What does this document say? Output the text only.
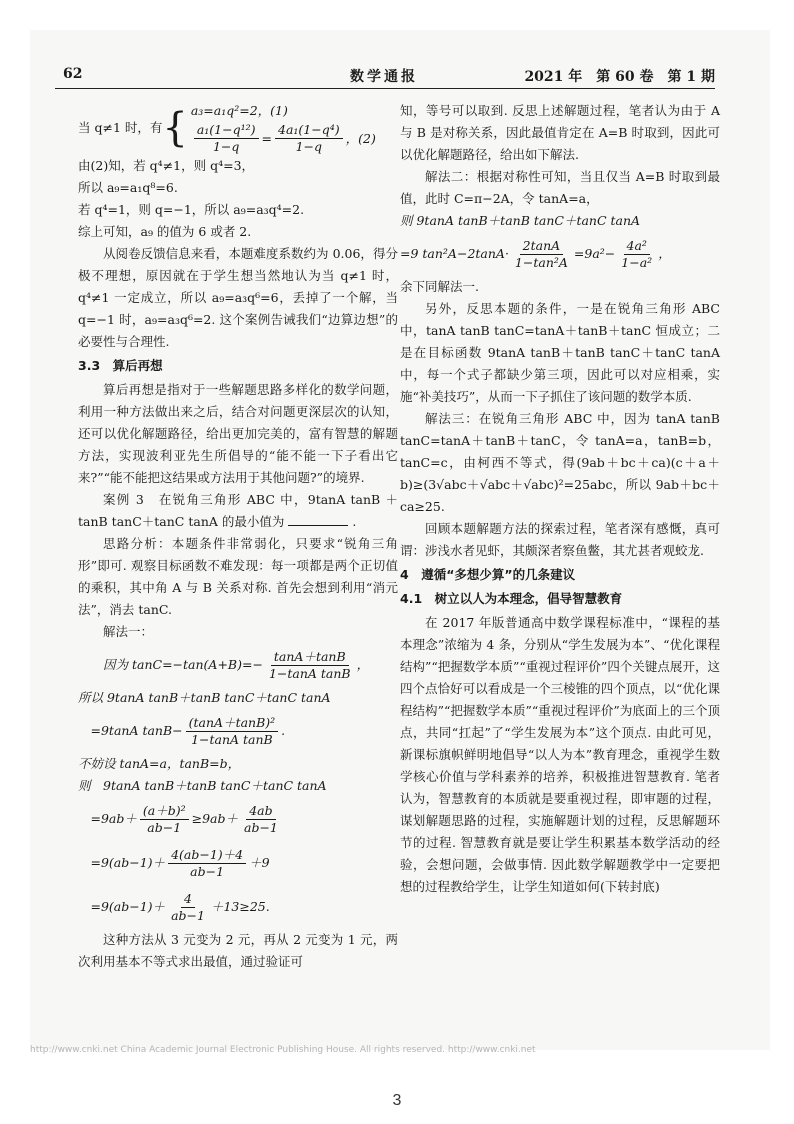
62	数学通报	2021 年　第 60 卷　第 1 期
当 q≠1 时，有 { a₃=a₁q²=2，(1)
$\frac{\text{a₁(1−q¹²)}}{1-q} = \frac{\text{4a₁(1−q⁴)}}{1-q}$ ，(2)

由(2)知，若 q⁴≠1，则 q⁴=3，

所以 a₉=a₁q⁸=6.

若 q⁴=1，则 q=−1，所以 a₉=a₃q⁴=2.

综上可知，a₉ 的值为 6 或者 2.

从阅卷反馈信息来看，本题难度系数约为 0.06，得分极不理想，原因就在于学生想当然地认为当 q≠1 时，q⁴≠1 一定成立，所以 a₉=a₃q⁶=6，丢掉了一个解，当 q=−1 时，a₉=a₃q⁶=2. 这个案例告诫我们“边算边想”的必要性与合理性.

3.3　算后再想

算后再想是指对于一些解题思路多样化的数学问题，利用一种方法做出来之后，结合对问题更深层次的认知，还可以优化解题路径，给出更加完美的，富有智慧的解题方法，实现波利亚先生所倡导的“能不能一下子看出它来?”“能不能把这结果或方法用于其他问题?”的境界.

案例 3　在锐角三角形 ABC 中，9tanA tanB ＋tanB tanC＋tanC tanA 的最小值为	.

思路分析：本题条件非常弱化，只要求“锐角三角形”即可. 观察目标函数不难发现：每一项都是两个正切值的乘积，其中角 A 与 B 关系对称. 首先会想到利用“消元法”，消去 tanC.

解法一：

因为 $\tan C=-\tan(A+B)=- \frac{\tan A+\tan B}{\text{1−tanA tanB}}$ ，

所以 9tanA tanB＋tanB tanC＋tanC tanA

=9tanA $\tan B- \frac{\text{(tanA＋tanB)²}}{\text{1−tanA tanB}}$ .

不妨设 tanA=a，tanB=b，

则　9tanA tanB＋tanB tanC＋tanC tanA

$=9ab+ \frac{\text{(a＋b)²}}{ab-1} \ge 9ab+ \frac{4ab}{ab-1}$
$=9(ab-1)+ \frac{4(ab-1)+4}{ab-1} +9$
$=9(ab-1)+ \frac{4}{ab-1} +13\ge 25$.

这种方法从 3 元变为 2 元，再从 2 元变为 1 元，两次利用基本不等式求出最值，通过验证可

知，等号可以取到. 反思上述解题过程，笔者认为由于 A 与 B 是对称关系，因此最值肯定在 A=B 时取到，因此可以优化解题路径，给出如下解法.

解法二：根据对称性可知，当且仅当 A=B 时取到最值，此时 C=π−2A，令 tanA=a，

则 9tanA tanB＋tanB tanC＋tanC tanA

=9 $\tan^2A-2\tan A\cdot \frac{2\tan A}{\text{1−tan²A}} =9a^2- \frac{\text{4a²}}{\text{1−a²}}$ ，

余下同解法一.

另外，反思本题的条件，一是在锐角三角形 ABC 中，tanA tanB tanC=tanA＋tanB＋tanC 恒成立；二是在目标函数 9tanA tanB＋tanB tanC＋tanC tanA 中，每一个式子都缺少第三项，因此可以对应相乘，实施“补美技巧”，从而一下子抓住了该问题的数学本质.

解法三：在锐角三角形 ABC 中，因为 tanA tanB tanC=tanA＋tanB＋tanC，令 tanA=a，tanB=b，tanC=c，由柯西不等式，得(9ab＋bc＋ca)(c＋a＋b)≥(3√abc＋√abc＋√abc)²=25abc，所以 9ab＋bc＋ca≥25.

回顾本题解题方法的探索过程，笔者深有感慨，真可谓：涉浅水者见虾，其颇深者察鱼鳖，其尤甚者观蛟龙.

4　遵循“多想少算”的几条建议

4.1　树立以人为本理念，倡导智慧教育

在 2017 年版普通高中数学课程标准中，“课程的基本理念”浓缩为 4 条，分别从“学生发展为本”、“优化课程结构”“把握数学本质”“重视过程评价”四个关键点展开，这四个点恰好可以看成是一个三棱锥的四个顶点，以“优化课程结构”“把握数学本质”“重视过程评价”为底面上的三个顶点，共同“扛起”了“学生发展为本”这个顶点. 由此可见，新课标旗帜鲜明地倡导“以人为本”教育理念，重视学生数学核心价值与学科素养的培养，积极推进智慧教育. 笔者认为，智慧教育的本质就是要重视过程，即审题的过程，谋划解题思路的过程，实施解题计划的过程，反思解题环节的过程. 智慧教育就是要让学生积累基本数学活动的经验，会想问题，会做事情. 因此数学解题教学中一定要把想的过程教给学生，让学生知道如何(下转封底)

http://www.cnki.net China Academic Journal Electronic Publishing House. All rights reserved. http://www.cnki.net
3
